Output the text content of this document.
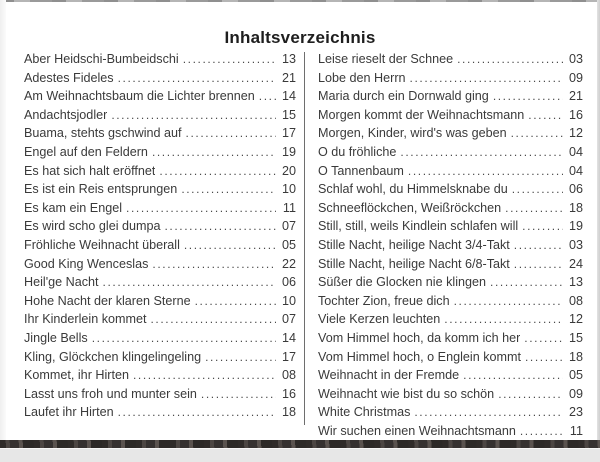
Inhaltsverzeichnis
Aber Heidschi-Bumbeidschi .....	13
Adestes Fideles .....	21
Am Weihnachtsbaum die Lichter brennen ..... 14
Andachtsjodler .....	15
Buama, stehts gschwind auf .....	17
Engel auf den Feldern .....	19
Es hat sich halt eröffnet .....	20
Es ist ein Reis entsprungen .....	10
Es kam ein Engel .....	11
Es wird scho glei dumpa .....	07
Fröhliche Weihnacht überall .....	05
Good King Wenceslas .....	22
Heil'ge Nacht .....	06
Hohe Nacht der klaren Sterne .....	10
Ihr Kinderlein kommet .....	07
Jingle Bells .....	14
Kling, Glöckchen klingelingeling .....	17
Kommet, ihr Hirten .....	08
Lasst uns froh und munter sein .....	16
Laufet ihr Hirten .....	18
Leise rieselt der Schnee .....	03
Lobe den Herrn .....	09
Maria durch ein Dornwald ging .....	21
Morgen kommt der Weihnachtsmann .....	16
Morgen, Kinder, wird's was geben .....	12
O du fröhliche .....	04
O Tannenbaum .....	04
Schlaf wohl, du Himmelsknabe du .....	06
Schneeflöckchen, Weißröckchen .....	18
Still, still, weils Kindlein schlafen will .....	19
Stille Nacht, heilige Nacht 3/4-Takt .....	03
Stille Nacht, heilige Nacht 6/8-Takt .....	24
Süßer die Glocken nie klingen .....	13
Tochter Zion, freue dich .....	08
Viele Kerzen leuchten .....	12
Vom Himmel hoch, da komm ich her .....	15
Vom Himmel hoch, o Englein kommt .....	18
Weihnacht in der Fremde .....	05
Weihnacht wie bist du so schön .....	09
White Christmas .....	23
Wir suchen einen Weihnachtsmann .....	11
